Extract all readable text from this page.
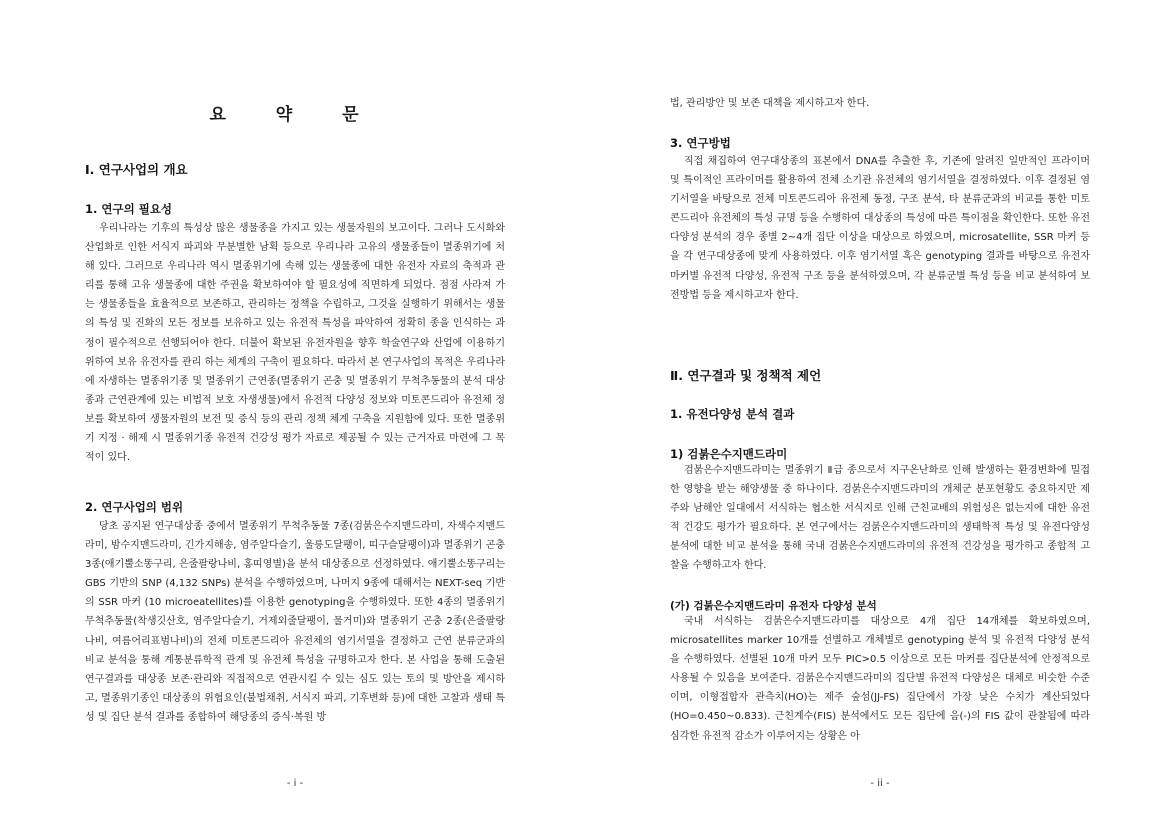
요 약 문
Ⅰ. 연구사업의 개요
1. 연구의 필요성

우리나라는 기후의 특성상 많은 생물종을 가지고 있는 생물자원의 보고이다. 그러나 도시화와 산업화로 인한 서식지 파괴와 무분별한 남획 등으로 우리나라 고유의 생물종들이 멸종위기에 처해 있다. 그러므로 우리나라 역시 멸종위기에 속해 있는 생물종에 대한 유전자 자료의 축적과 관리를 통해 고유 생물종에 대한 주권을 확보하여야 할 필요성에 직면하게 되었다. 점점 사라져 가는 생물종들을 효율적으로 보존하고, 관리하는 정책을 수립하고, 그것을 실행하기 위해서는 생물의 특성 및 진화의 모든 정보를 보유하고 있는 유전적 특성을 파악하여 정확히 종을 인식하는 과정이 필수적으로 선행되어야 한다. 더불어 확보된 유전자원을 향후 학술연구와 산업에 이용하기 위하여 보유 유전자를 관리 하는 체계의 구축이 필요하다. 따라서 본 연구사업의 목적은 우리나라에 자생하는 멸종위기종 및 멸종위기 근연종(멸종위기 곤충 및 멸종위기 무척추동물의 분석 대상종과 근연관계에 있는 비법적 보호 자생생물)에서 유전적 다양성 정보와 미토콘드리아 유전체 정보를 확보하여 생물자원의 보전 및 증식 등의 관리 정책 체계 구축을 지원함에 있다. 또한 멸종위기 지정 · 해제 시 멸종위기종 유전적 건강성 평가 자료로 제공될 수 있는 근거자료 마련에 그 목적이 있다.

2. 연구사업의 범위

당초 공지된 연구대상종 중에서 멸종위기 무척추동물 7종(검붉은수지맨드라미, 자색수지맨드라미, 밤수지맨드라미, 긴가지해송, 염주알다슬기, 울릉도달팽이, 띠구슬달팽이)과 멸종위기 곤충 3종(애기뿔소똥구리, 은줄팔랑나비, 홍띠영별)을 분석 대상종으로 선정하였다. 애기뿔소똥구리는 GBS 기반의 SNP (4,132 SNPs) 분석을 수행하였으며, 나머지 9종에 대해서는 NEXT-seq 기반의 SSR 마커 (10 microeatellites)를 이용한 genotyping을 수행하였다. 또한 4종의 멸종위기 무척추동물(착생깃산호, 염주알다슬기, 거제외줄달팽이, 물거미)와 멸종위기 곤충 2종(은줄팔랑나비, 여름어리표범나비)의 전체 미토콘드리아 유전체의 염기서열을 결정하고 근연 분류군과의 비교 분석을 통해 계통분류학적 관계 및 유전체 특성을 규명하고자 한다. 본 사업을 통해 도출된 연구결과를 대상종 보존·관리와 직접적으로 연관시킬 수 있는 심도 있는 토의 및 방안을 제시하고, 멸종위기종인 대상종의 위협요인(불법채취, 서식지 파괴, 기후변화 등)에 대한 고찰과 생태 특성 및 집단 분석 결과를 종합하여 해당종의 증식·복원 방

- i -

법, 관리방안 및 보존 대책을 제시하고자 한다.

3. 연구방법

직접 채집하여 연구대상종의 표본에서 DNA를 추출한 후, 기존에 알려진 일반적인 프라이머 및 특이적인 프라이머를 활용하여 전체 소기관 유전체의 염기서열을 결정하였다. 이후 결정된 염기서열을 바탕으로 전체 미토콘드리아 유전체 동정, 구조 분석, 타 분류군과의 비교를 통한 미토콘드리아 유전체의 특성 규명 등을 수행하여 대상종의 특성에 따른 특이점을 확인한다. 또한 유전다양성 분석의 경우 종별 2~4개 집단 이상을 대상으로 하였으며, microsatellite, SSR 마커 등을 각 연구대상종에 맞게 사용하였다. 이후 염기서열 혹은 genotyping 결과를 바탕으로 유전자 마커별 유전적 다양성, 유전적 구조 등을 분석하였으며, 각 분류군별 특성 등을 비교 분석하여 보전방법 등을 제시하고자 한다.

Ⅱ. 연구결과 및 정책적 제언
1. 유전다양성 분석 결과
1) 검붉은수지맨드라미

검붉은수지맨드라미는 멸종위기 Ⅱ급 종으로서 지구온난화로 인해 발생하는 환경변화에 밀접한 영향을 받는 해양생물 중 하나이다. 검붉은수지맨드라미의 개체군 분포현황도 중요하지만 제주와 남해안 일대에서 서식하는 협소한 서식지로 인해 근친교배의 위험성은 없는지에 대한 유전적 건강도 평가가 필요하다. 본 연구에서는 검붉은수지맨드라미의 생태학적 특성 및 유전다양성 분석에 대한 비교 분석을 통해 국내 검붉은수지맨드라미의 유전적 건강성을 평가하고 종합적 고찰을 수행하고자 한다.

(가) 검붉은수지맨드라미 유전자 다양성 분석

국내 서식하는 검붉은수지맨드라미를 대상으로 4개 집단 14개체를 확보하였으며, microsatellites marker 10개를 선별하고 개체별로 genotyping 분석 및 유전적 다양성 분석을 수행하였다. 선별된 10개 마커 모두 PIC>0.5 이상으로 모든 마커를 집단분석에 안정적으로 사용될 수 있음을 보여준다. 검붉은수지맨드라미의 집단별 유전적 다양성은 대체로 비슷한 수준이며, 이형접합자 관측치(HO)는 제주 숲섬(JJ-FS) 집단에서 가장 낮은 수치가 계산되었다(HO=0.450~0.833). 근친계수(FIS) 분석에서도 모든 집단에 음(-)의 FIS 값이 관찰됨에 따라 심각한 유전적 감소가 이루어지는 상황은 아

- ii -
